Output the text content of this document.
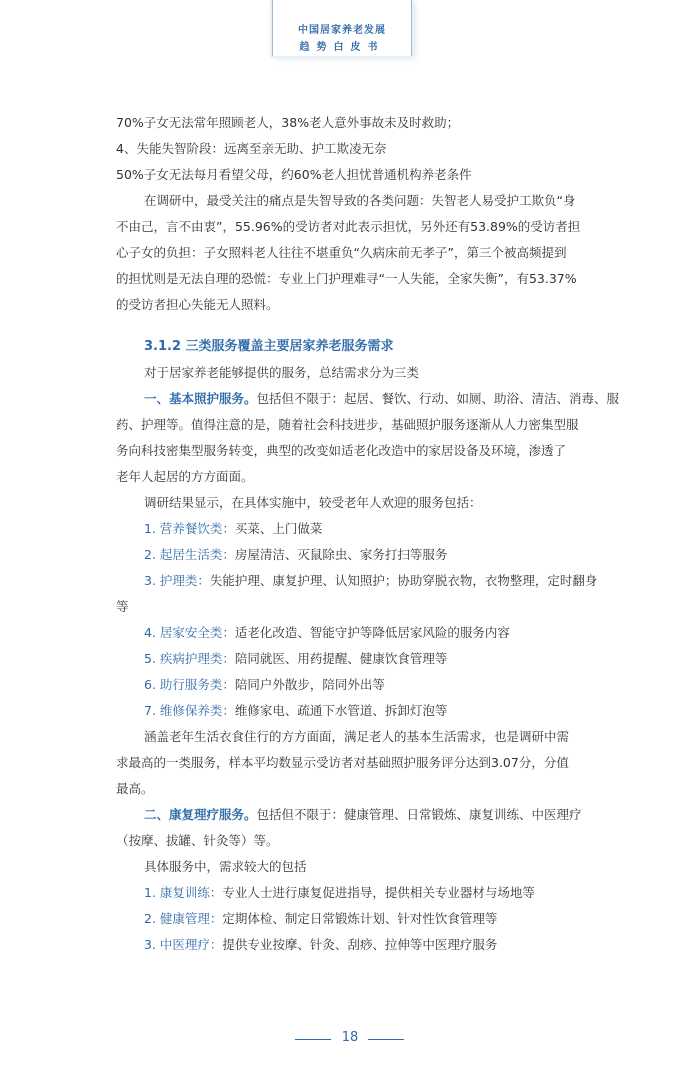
中国居家养老发展
趋势白皮书

70%子女无法常年照顾老人，38%老人意外事故未及时救助；

4、失能失智阶段：远离至亲无助、护工欺凌无奈

50%子女无法每月看望父母，约60%老人担忧普通机构养老条件

在调研中，最受关注的痛点是失智导致的各类问题：失智老人易受护工欺负“身

不由己，言不由衷”，55.96%的受访者对此表示担忧，另外还有53.89%的受访者担

心子女的负担：子女照料老人往往不堪重负“久病床前无孝子”，第三个被高频提到

的担忧则是无法自理的恐慌：专业上门护理难寻“一人失能，全家失衡”，有53.37%

的受访者担心失能无人照料。

3.1.2 三类服务覆盖主要居家养老服务需求

对于居家养老能够提供的服务，总结需求分为三类

一、基本照护服务。包括但不限于：起居、餐饮、行动、如厕、助浴、清洁、消毒、服

药、护理等。值得注意的是，随着社会科技进步，基础照护服务逐渐从人力密集型服

务向科技密集型服务转变，典型的改变如适老化改造中的家居设备及环境，渗透了

老年人起居的方方面面。

调研结果显示，在具体实施中，较受老年人欢迎的服务包括：

1. 营养餐饮类：买菜、上门做菜

2. 起居生活类：房屋清洁、灭鼠除虫、家务打扫等服务

3. 护理类：失能护理、康复护理、认知照护；协助穿脱衣物，衣物整理，定时翻身

等

4. 居家安全类：适老化改造、智能守护等降低居家风险的服务内容

5. 疾病护理类：陪同就医、用药提醒、健康饮食管理等

6. 助行服务类：陪同户外散步，陪同外出等

7. 维修保养类：维修家电、疏通下水管道、拆卸灯泡等

涵盖老年生活衣食住行的方方面面，满足老人的基本生活需求，也是调研中需

求最高的一类服务，样本平均数显示受访者对基础照护服务评分达到3.07分，分值

最高。

二、康复理疗服务。包括但不限于：健康管理、日常锻炼、康复训练、中医理疗

（按摩、拔罐、针灸等）等。

具体服务中，需求较大的包括

1. 康复训练：专业人士进行康复促进指导，提供相关专业器材与场地等

2. 健康管理：定期体检、制定日常锻炼计划、针对性饮食管理等

3. 中医理疗：提供专业按摩、针灸、刮痧、拉伸等中医理疗服务

18
